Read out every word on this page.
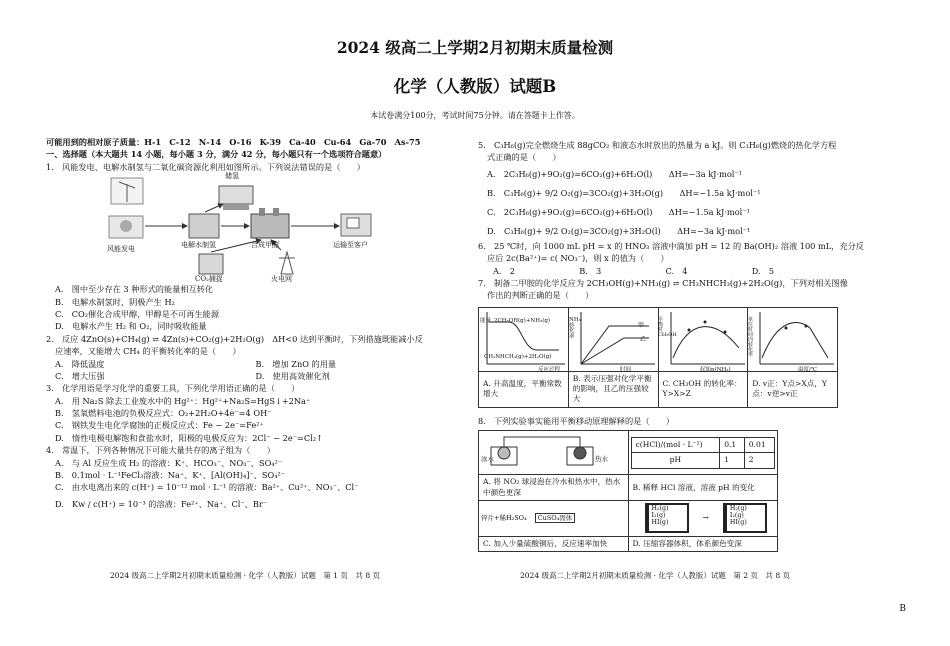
2024 级高二上学期2月初期末质量检测
化学（人教版）试题B
本试卷满分100分，考试时间75分钟。请在答题卡上作答。
可能用到的相对原子质量：H-1　C-12　N-14　O-16　K-39　Ca-40　Cu-64　Ga-70　As-75
一、选择题（本大题共 14 小题，每小题 3 分，满分 42 分，每小题只有一个选项符合题意）
1.　风能发电、电解水制氢与二氧化碳资源化利用如图所示。下列说法错误的是（　　）
储氢
电解水制氢	合成甲醇
风能发电	运输至客户
CO₂捕捉	火电网
A.　图中至少存在 3 种形式的能量相互转化
B.　电解水制氢时，阴极产生 H₂
C.　CO₂催化合成甲醇，甲醇是不可再生能源
D.　电解水产生 H₂ 和 O₂，同时吸收能量
2.　反应 4ZnO(s)+CH₄(g) ⇌ 4Zn(s)+CO₂(g)+2H₂O(g)　ΔH<0 达到平衡时，下列措施既能减小反
应速率，又能增大 CH₄ 的平衡转化率的是（　　）
A.　降低温度	B.　增加 ZnO 的用量
C.　增大压强	D.　使用高效催化剂
3.　化学用语是学习化学的重要工具，下列化学用语正确的是（　　）
A.　用 Na₂S 除去工业废水中的 Hg²⁺：Hg²⁺+Na₂S=HgS↓+2Na⁺
B.　氢氧燃料电池的负极反应式：O₂+2H₂O+4e⁻=4 OH⁻
C.　钢铁发生电化学腐蚀的正极反应式：Fe − 2e⁻=Fe²⁺
D.　惰性电极电解饱和食盐水时，阳极的电极反应为：2Cl⁻ − 2e⁻=Cl₂↑
4.　常温下，下列各种情况下可能大量共存的离子组为（　　）
A.　与 Al 反应生成 H₂ 的溶液：K⁺、HCO₃⁻、NO₃⁻、SO₄²⁻
B.　0.1mol · L⁻¹FeCl₃溶液：Na⁺、K⁺、[Al(OH)₄]⁻、SO₄²⁻
C.　由水电离出来的 c(H⁺) = 10⁻¹² mol · L⁻¹ 的溶液：Ba²⁺、Cu²⁺、NO₃⁻、Cl⁻
D.　Kw / c(H⁺) = 10⁻³ 的溶液：Fe²⁺、Na⁺、Cl⁻、Br⁻
5.　C₃H₆(g)完全燃烧生成 88gCO₂ 和液态水时放出的热量为 a kJ。则 C₃H₆(g)燃烧的热化学方程
式正确的是（　　）
A.　2C₃H₆(g)+9O₂(g)=6CO₂(g)+6H₂O(l)　　ΔH=−3a kJ·mol⁻¹
B.　C₃H₆(g)+ 9/2 O₂(g)=3CO₂(g)+3H₂O(g)　　ΔH=−1.5a kJ·mol⁻¹
C.　2C₃H₆(g)+9O₂(g)=6CO₂(g)+6H₂O(l)　　ΔH=−1.5a kJ·mol⁻¹
D.　C₃H₆(g)+ 9/2 O₂(g)=3CO₂(g)+3H₂O(l)　　ΔH=−3a kJ·mol⁻¹
6.　25 ℃时，向 1000 mL pH = x 的 HNO₃ 溶液中滴加 pH = 12 的 Ba(OH)₂ 溶液 100 mL，充分反
应后 2c(Ba²⁺)= c( NO₃⁻)，则 x 的值为（　　）
A.　2	B.　3	C.　4	D.　5
7.　制备二甲胺的化学反应为 2CH₃OH(g)+NH₃(g) ⇌ CH₃NHCH₃(g)+2H₂O(g)，下列对相关图像
作出的判断正确的是（　　）

A. 升高温度，平衡常数增大	B. 表示压强对化学平衡的影响，且乙的压强较大	C. CH₃OH 的转化率：Y>X>Z	D. v正：Y点>X点，Y点：v逆>v正
8.　下列实验事实能用平衡移动原理解释的是（　　）

c(HCl)/(mol · L⁻¹)	0.1	0.01
pH	1	2

A. 将 NO₂ 球浸泡在冷水和热水中，热水中颜色更深	B. 稀释 HCl 溶液，溶液 pH 的变化
锌片+稀H₂SO₄ CuSO₄固体	
H₂(g) I₂(g) HI(g)
→
H₂(g) I₂(g) HI(g)

C. 加入少量硫酸铜后，反应速率加快	D. 压缩容器体积，体系颜色变深
能量 2CH₃OH(g)+NH₃(g)
CH₃NHCH₃(g)+2H₂O(g)
反应过程
NH₃转化率
甲
乙
时间
平衡时CH₃OH
起始n(NH₃)
单位时间内转化率
温度/℃
冰水	热水
2024 级高二上学期2月初期末质量检测 · 化学（人教版）试题　第 1 页　共 8 页	2024 级高二上学期2月初期末质量检测 · 化学（人教版）试题　第 2 页　共 8 页
B
